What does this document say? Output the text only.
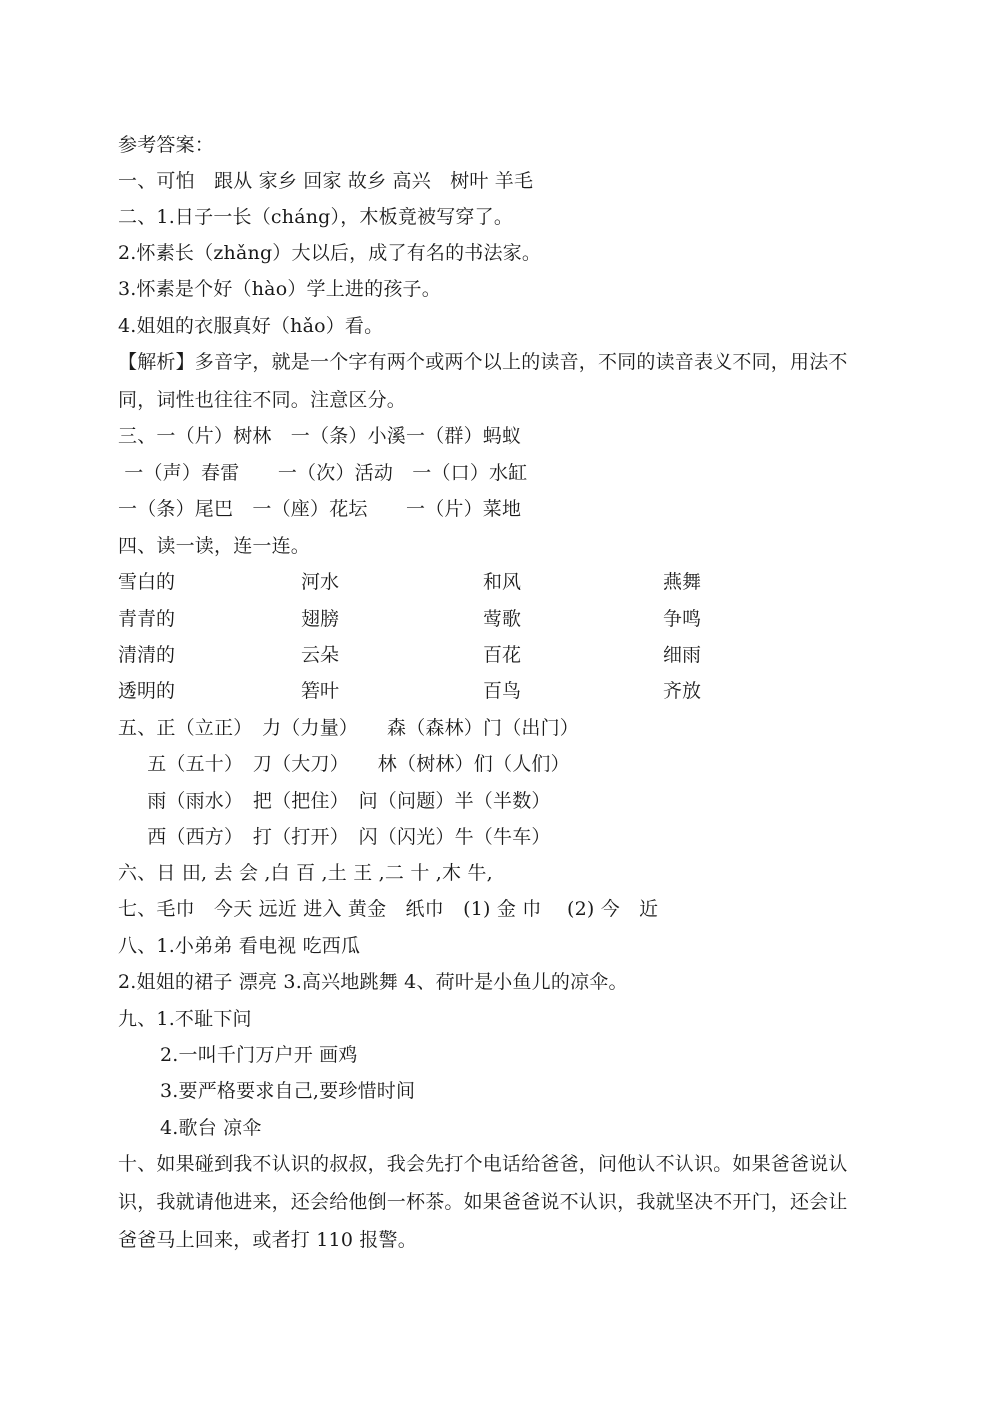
参考答案：
一、可怕　跟从 家乡 回家 故乡 高兴　树叶 羊毛
二、1.日子一长（cháng），木板竟被写穿了。
2.怀素长（zhǎng）大以后，成了有名的书法家。
3.怀素是个好（hào）学上进的孩子。
4.姐姐的衣服真好（hǎo）看。
【解析】多音字，就是一个字有两个或两个以上的读音，不同的读音表义不同，用法不
同，词性也往往不同。注意区分。
三、一（片）树林　一（条）小溪一（群）蚂蚁
一（声）春雷　　一（次）活动　一（口）水缸
一（条）尾巴　一（座）花坛　　一（片）菜地
四、读一读，连一连。
雪白的	河水	和风	燕舞
青青的	翅膀	莺歌	争鸣
清清的	云朵	百花	细雨
透明的	箬叶	百鸟	齐放
五、正（立正）　力（力量）　　森（森林）门（出门）
　五（五十）　刀（大刀）　　林（树林）们（人们）
　雨（雨水）　把（把住）　问（问题）半（半数）
　西（西方）　打（打开）　闪（闪光）牛（牛车）
六、日 田, 去 会 ,白 百 ,土 王 ,二 十 ,木 牛,
七、毛巾　今天 远近 进入 黄金　纸巾　(1) 金 巾　 (2) 今　近
八、1.小弟弟 看电视 吃西瓜
2.姐姐的裙子 漂亮 3.高兴地跳舞 4、荷叶是小鱼儿的凉伞。
九、1.不耻下问
2.一叫千门万户开 画鸡
3.要严格要求自己,要珍惜时间
4.歌台 凉伞
十、如果碰到我不认识的叔叔，我会先打个电话给爸爸，问他认不认识。如果爸爸说认
识，我就请他进来，还会给他倒一杯茶。如果爸爸说不认识，我就坚决不开门，还会让
爸爸马上回来，或者打 110 报警。
